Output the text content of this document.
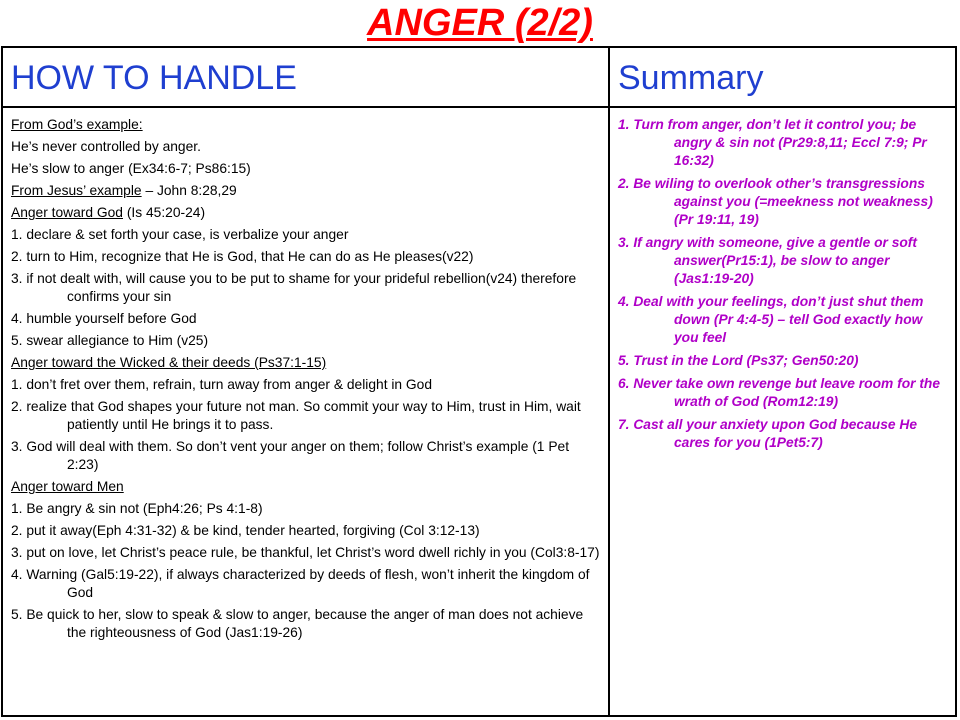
ANGER (2/2)
HOW TO HANDLE
From God’s example:
He’s never controlled by anger.
He’s slow to anger (Ex34:6-7; Ps86:15)
From Jesus’ example – John 8:28,29
Anger toward God (Is 45:20-24)
1. declare & set forth your case, is verbalize your anger
2. turn to Him, recognize that He is God, that He can do as He pleases(v22)
3. if not dealt with, will cause you to be put to shame for your prideful rebellion(v24) therefore confirms your sin
4. humble yourself before God
5. swear allegiance to Him (v25)
Anger toward the Wicked & their deeds (Ps37:1-15)
1. don’t fret over them, refrain, turn away from anger & delight in God
2. realize that God shapes your future not man. So commit your way to Him, trust in Him, wait patiently until He brings it to pass.
3. God will deal with them. So don’t vent your anger on them; follow Christ’s example (1 Pet 2:23)
Anger toward Men
1. Be angry & sin not (Eph4:26; Ps 4:1-8)
2. put it away(Eph 4:31-32) & be kind, tender hearted, forgiving (Col 3:12-13)
3. put on love, let Christ’s peace rule, be thankful, let Christ’s word dwell richly in you (Col3:8-17)
4. Warning (Gal5:19-22), if always characterized by deeds of flesh, won’t inherit the kingdom of God
5. Be quick to her, slow to speak & slow to anger, because the anger of man does not achieve the righteousness of God (Jas1:19-26)
Summary
1. Turn from anger, don’t let it control you; be angry & sin not (Pr29:8,11; Eccl 7:9; Pr 16:32)
2. Be wiling to overlook other’s transgressions against you (=meekness not weakness) (Pr 19:11, 19)
3. If angry with someone, give a gentle or soft answer(Pr15:1), be slow to anger (Jas1:19-20)
4. Deal with your feelings, don’t just shut them down (Pr 4:4-5) – tell God exactly how you feel
5. Trust in the Lord (Ps37; Gen50:20)
6. Never take own revenge but leave room for the wrath of God (Rom12:19)
7. Cast all your anxiety upon God because He cares for you (1Pet5:7)
